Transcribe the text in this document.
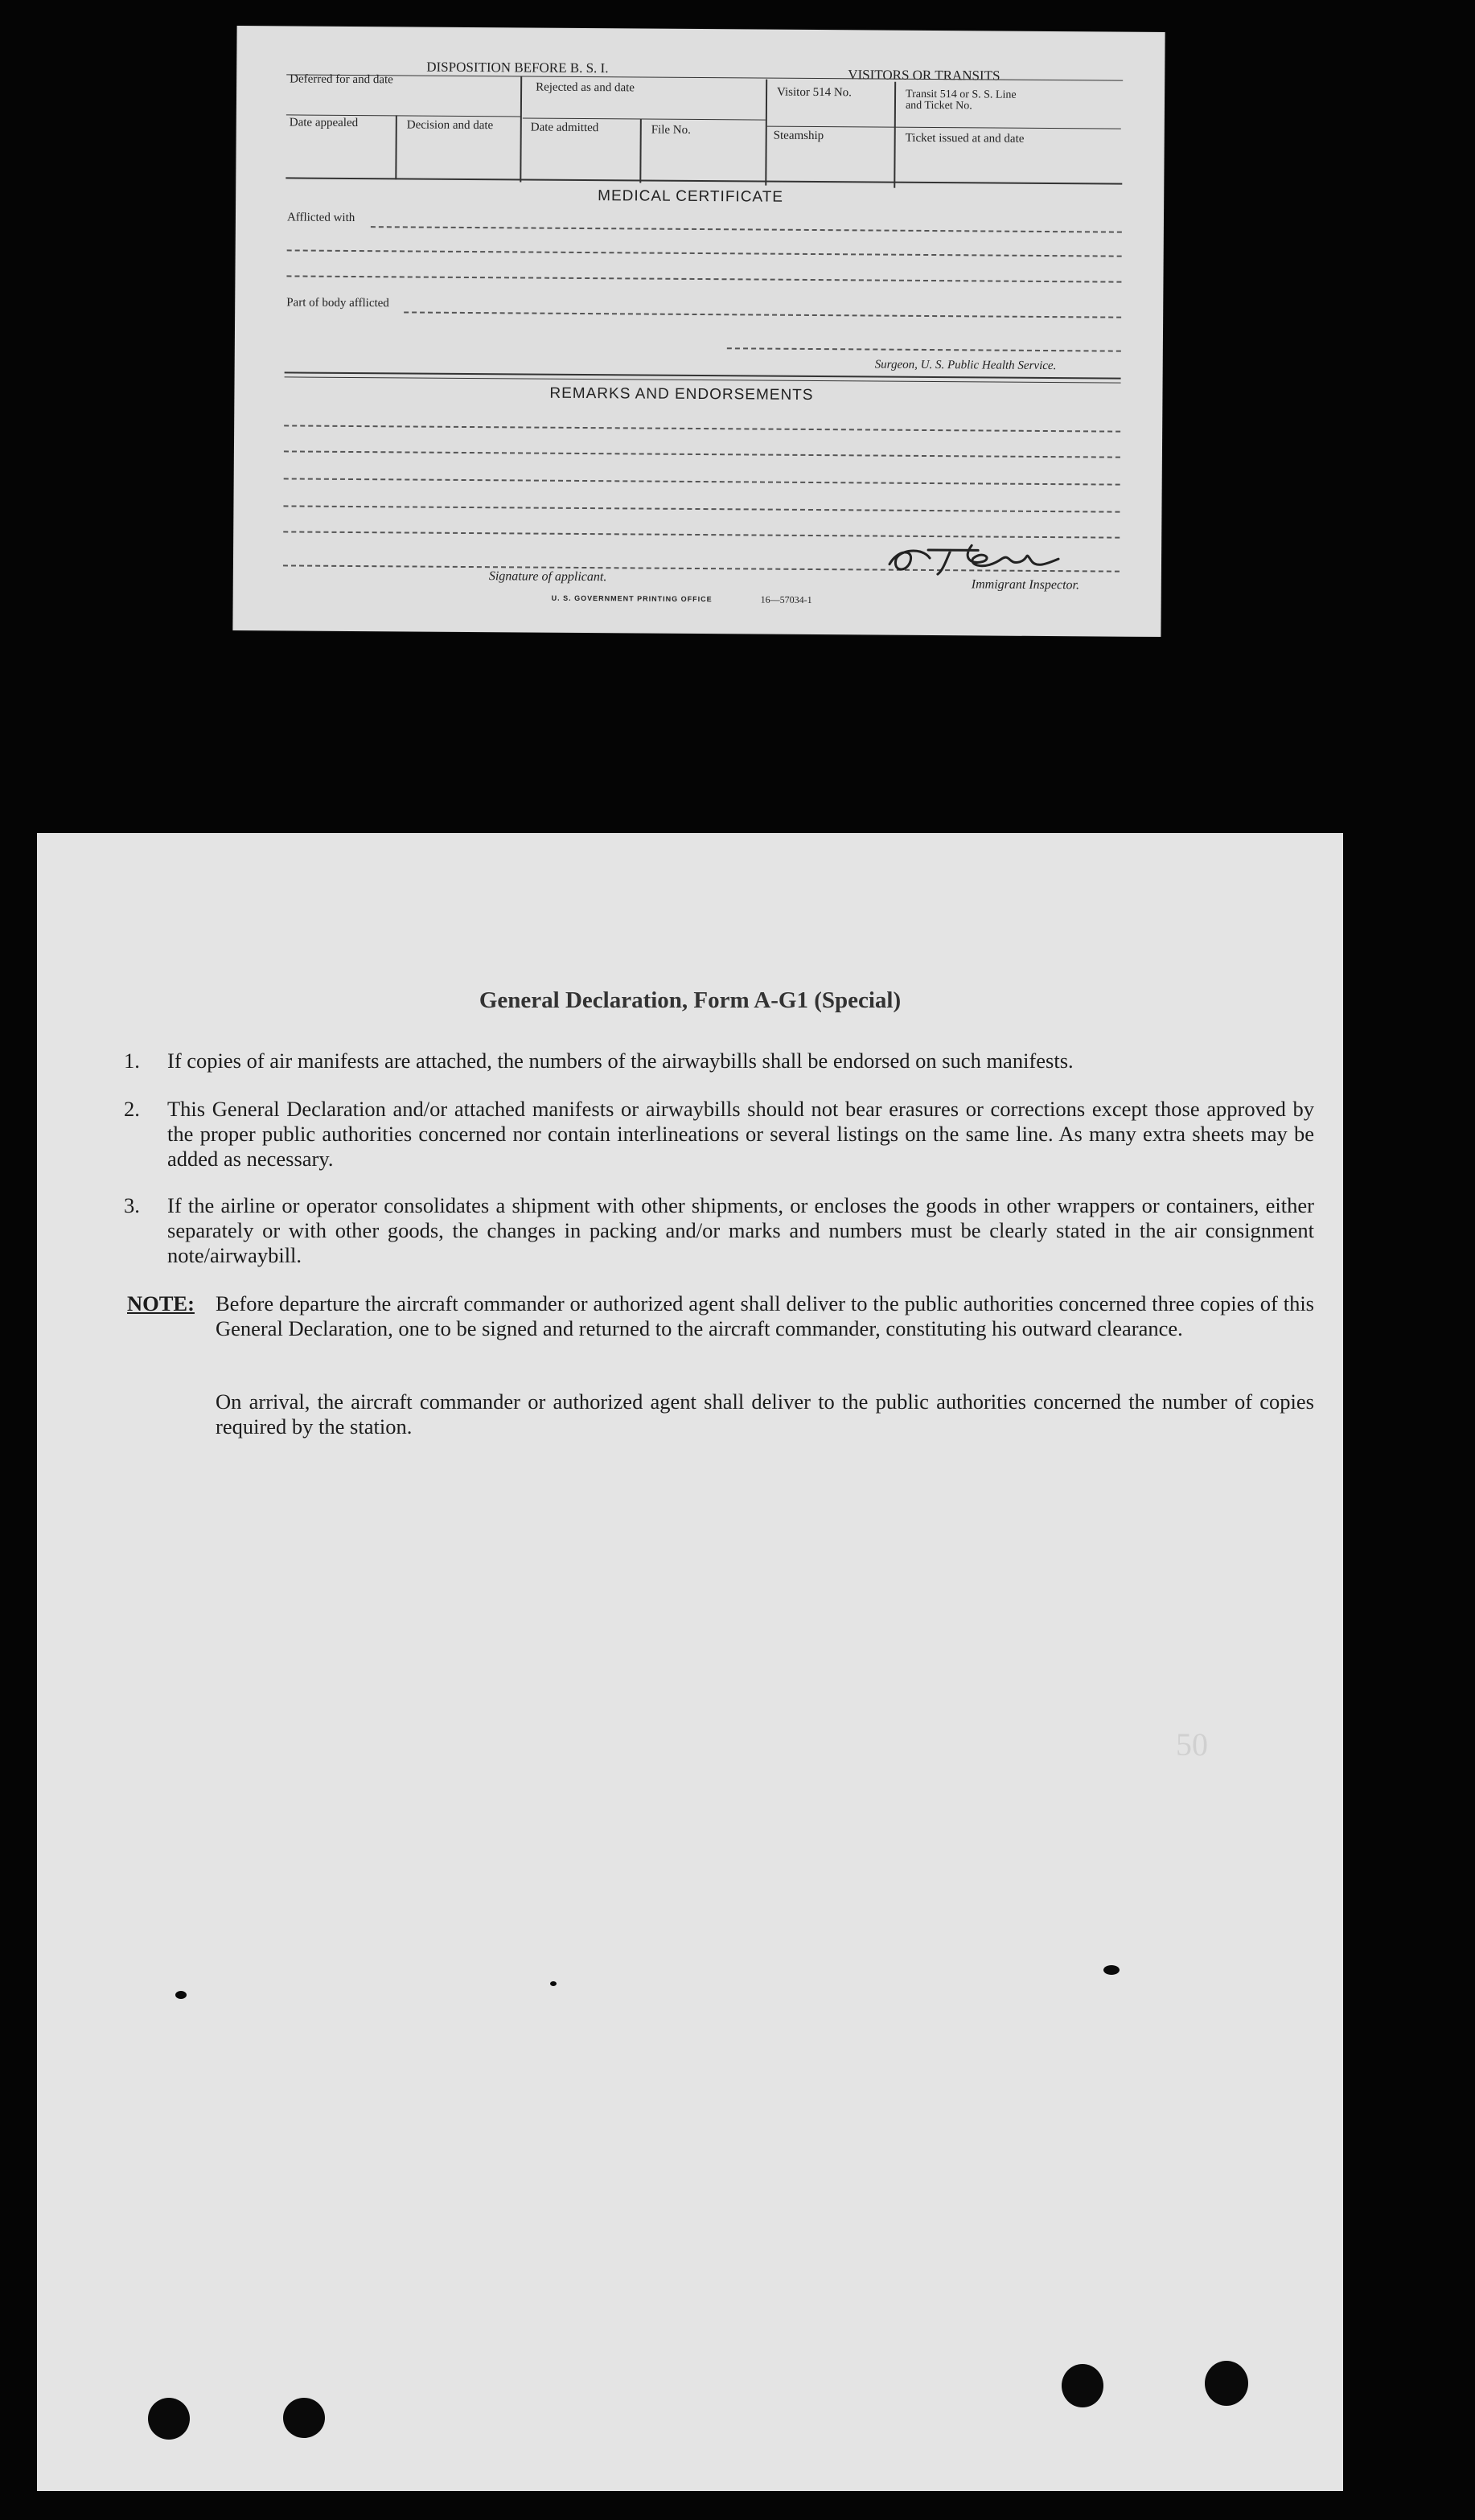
DISPOSITION BEFORE B. S. I.	VISITORS OR TRANSITS
Deferred for and date
Rejected as and date	Visitor 514 No.	Transit 514 or S. S. Line
and Ticket No.
Date appealed	Decision and date	Date admitted	File No.	Steamship	Ticket issued at and date
MEDICAL CERTIFICATE
Afflicted with
Part of body afflicted
Surgeon, U. S. Public Health Service.
REMARKS AND ENDORSEMENTS
Signature of applicant.
Immigrant Inspector.
U. S. GOVERNMENT PRINTING OFFICE	16—57034-1
General Declaration, Form A-G1 (Special)
1. If copies of air manifests are attached, the numbers of the airwaybills shall be endorsed on such manifests.
2. This General Declaration and/or attached manifests or airwaybills should not bear erasures or corrections except those approved by the proper public authorities concerned nor contain interlineations or several listings on the same line. As many extra sheets may be added as necessary.
3. If the airline or operator consolidates a shipment with other shipments, or encloses the goods in other wrappers or containers, either separately or with other goods, the changes in packing and/or marks and numbers must be clearly stated in the air consignment note/airwaybill.
NOTE: Before departure the aircraft commander or authorized agent shall deliver to the public authorities concerned three copies of this General Declaration, one to be signed and returned to the aircraft commander, constituting his outward clearance.
On arrival, the aircraft commander or authorized agent shall deliver to the public authorities concerned the number of copies required by the station.
50
